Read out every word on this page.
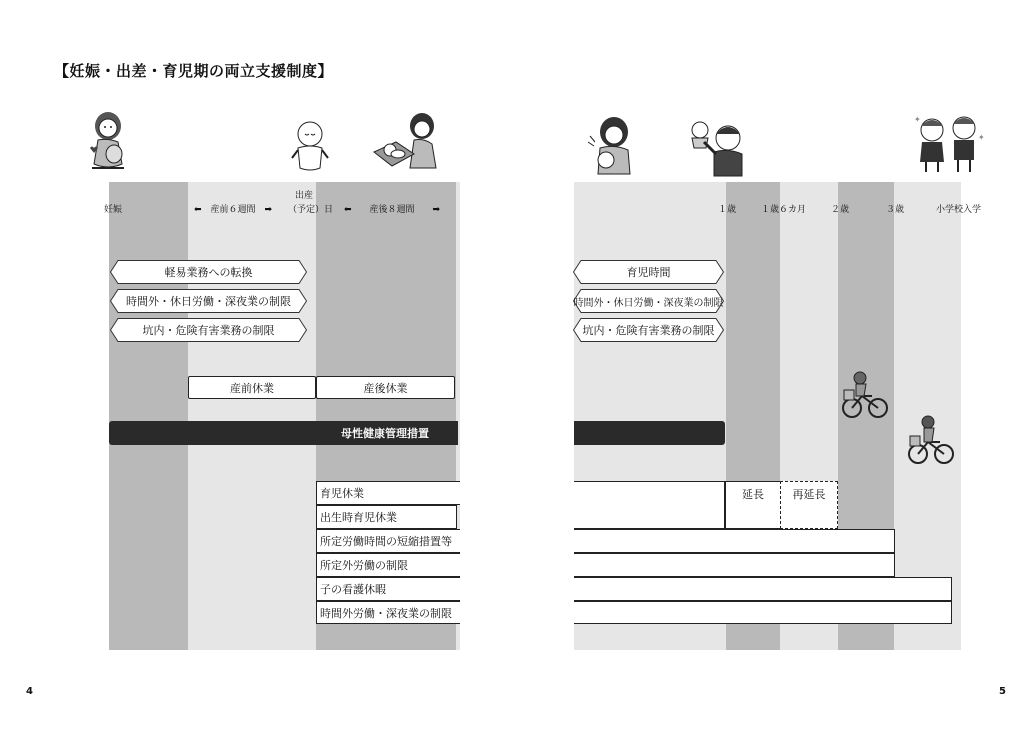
【妊娠・出差・育児期の両立支援制度】
妊娠	⬅　産前６週間　➡
出産
（予定）日 ⬅　　産後８週間　　➡
軽易業務への転換
時間外・休日労働・深夜業の制限
坑内・危険有害業務の制限
産前休業	産後休業
母性健康管理措置
育児休業
出生時育児休業
所定労働時間の短縮措置等
所定外労働の制限
子の看護休暇
時間外労働・深夜業の制限
4
１歳	１歳６カ月	２歳	３歳	小学校入学
育児時間
時間外・休日労働・深夜業の制限
坑内・危険有害業務の制限
延長	再延長
5
✦
✦
